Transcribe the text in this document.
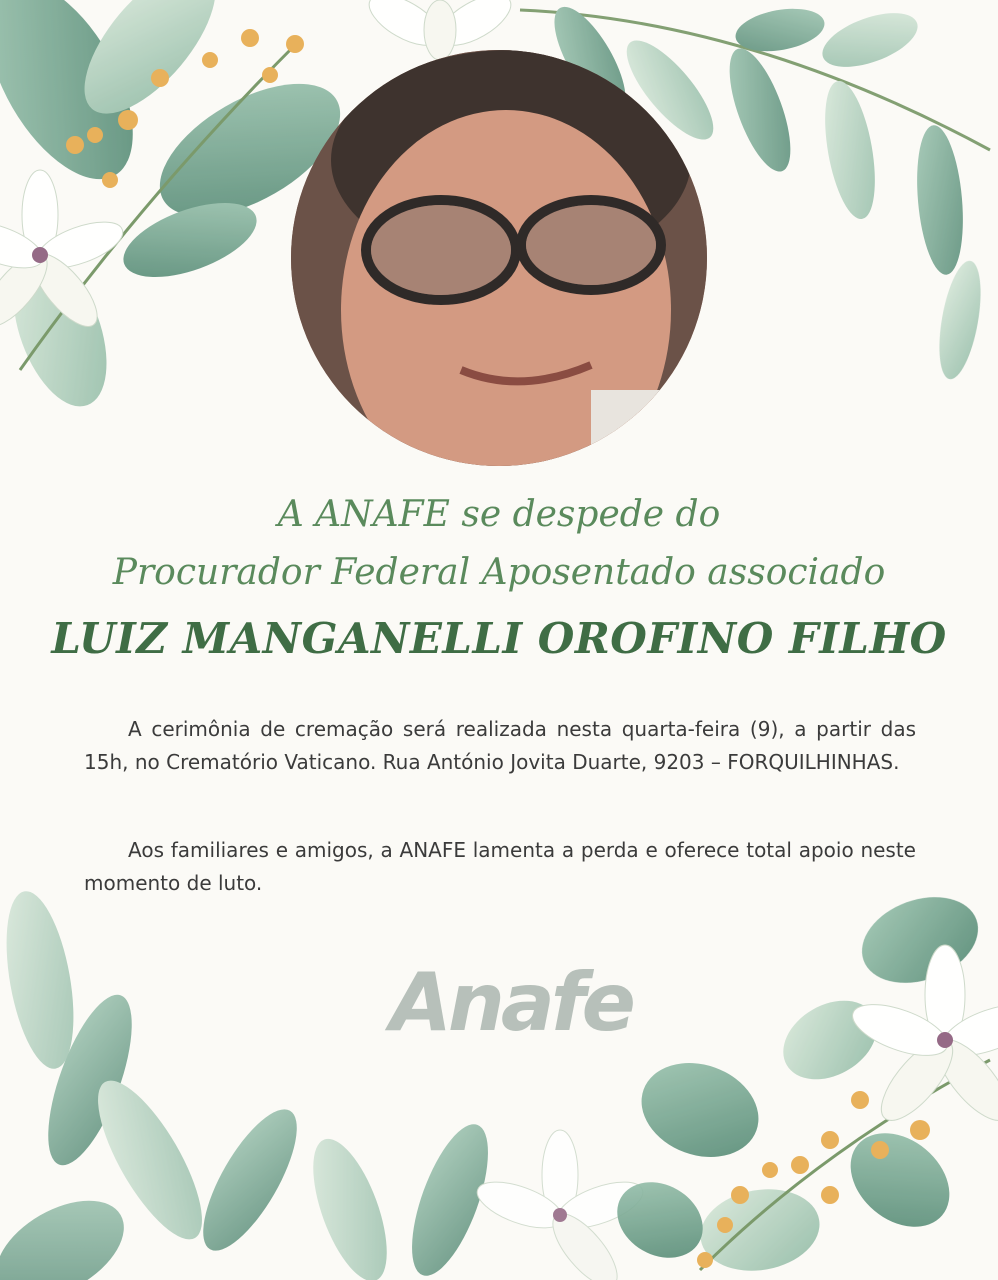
A ANAFE se despede do
Procurador Federal Aposentado associado
LUIZ MANGANELLI OROFINO FILHO

A cerimônia de cremação será realizada nesta quarta-feira (9), a partir das 15h, no Crematório Vaticano. Rua António Jovita Duarte, 9203 – FORQUILHINHAS.

Aos familiares e amigos, a ANAFE lamenta a perda e oferece total apoio neste momento de luto.

Anafe
